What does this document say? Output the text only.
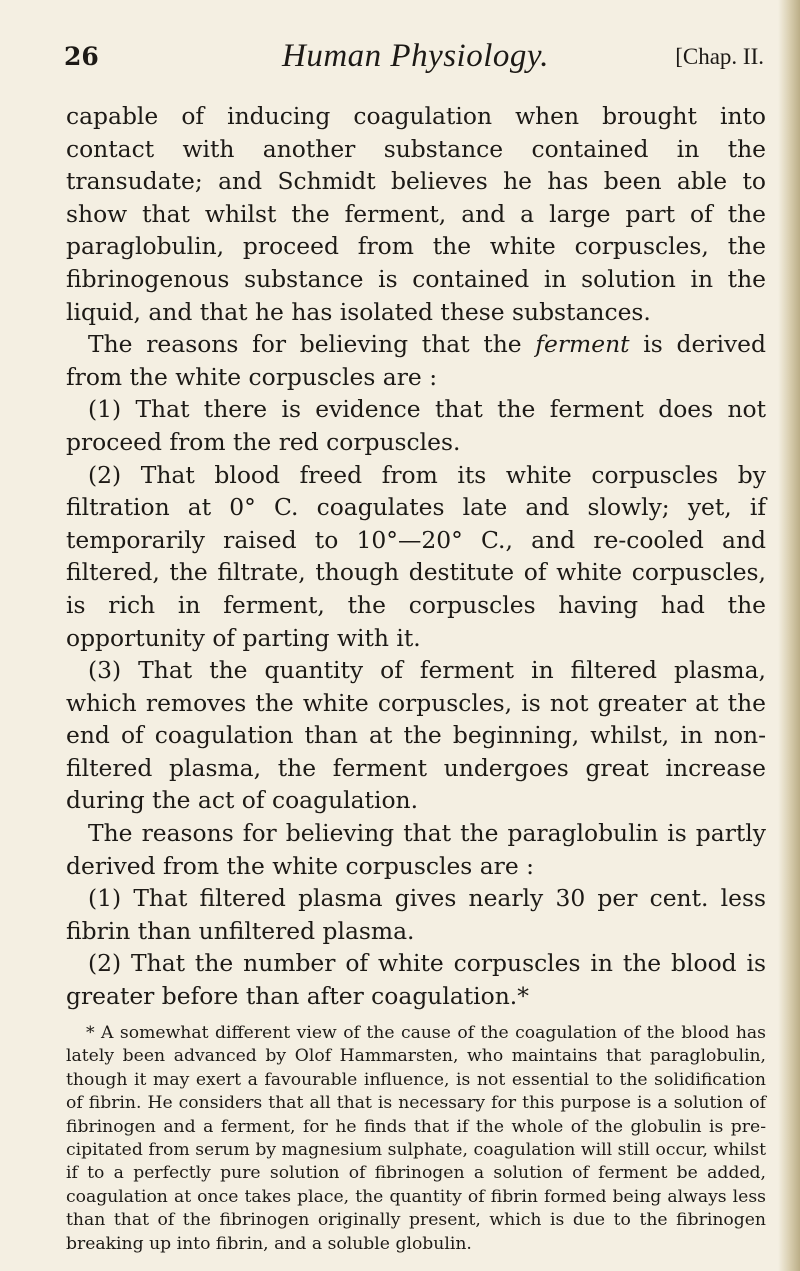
26	Human Physiology.	[Chap. II.

capable of inducing coagulation when brought into contact with another substance contained in the transudate; and Schmidt believes he has been able to show that whilst the ferment, and a large part of the paraglobulin, proceed from the white corpuscles, the fibrinogenous substance is contained in solution in the liquid, and that he has isolated these substances.

The reasons for believing that the ferment is derived from the white corpuscles are :

(1) That there is evidence that the ferment does not proceed from the red corpuscles.

(2) That blood freed from its white corpuscles by filtration at 0° C. coagulates late and slowly; yet, if temporarily raised to 10°—20° C., and re-cooled and filtered, the filtrate, though destitute of white corpuscles, is rich in ferment, the corpuscles having had the opportunity of parting with it.

(3) That the quantity of ferment in filtered plasma, which removes the white corpuscles, is not greater at the end of coagulation than at the beginning, whilst, in non-filtered plasma, the ferment undergoes great increase during the act of coagulation.

The reasons for believing that the paraglobulin is partly derived from the white corpuscles are :

(1) That filtered plasma gives nearly 30 per cent. less fibrin than unfiltered plasma.

(2) That the number of white corpuscles in the blood is greater before than after coagulation.*

* A somewhat different view of the cause of the coagulation of the blood has lately been advanced by Olof Hammarsten, who maintains that paraglobulin, though it may exert a favourable influence, is not essential to the solidification of fibrin. He considers that all that is necessary for this purpose is a solution of fibrinogen and a ferment, for he finds that if the whole of the globulin is precipitated from serum by magnesium sulphate, coagulation will still occur, whilst if to a perfectly pure solution of fibrinogen a solution of ferment be added, coagulation at once takes place, the quantity of fibrin formed being always less than that of the fibrinogen originally present, which is due to the fibrinogen breaking up into fibrin, and a soluble globulin.
